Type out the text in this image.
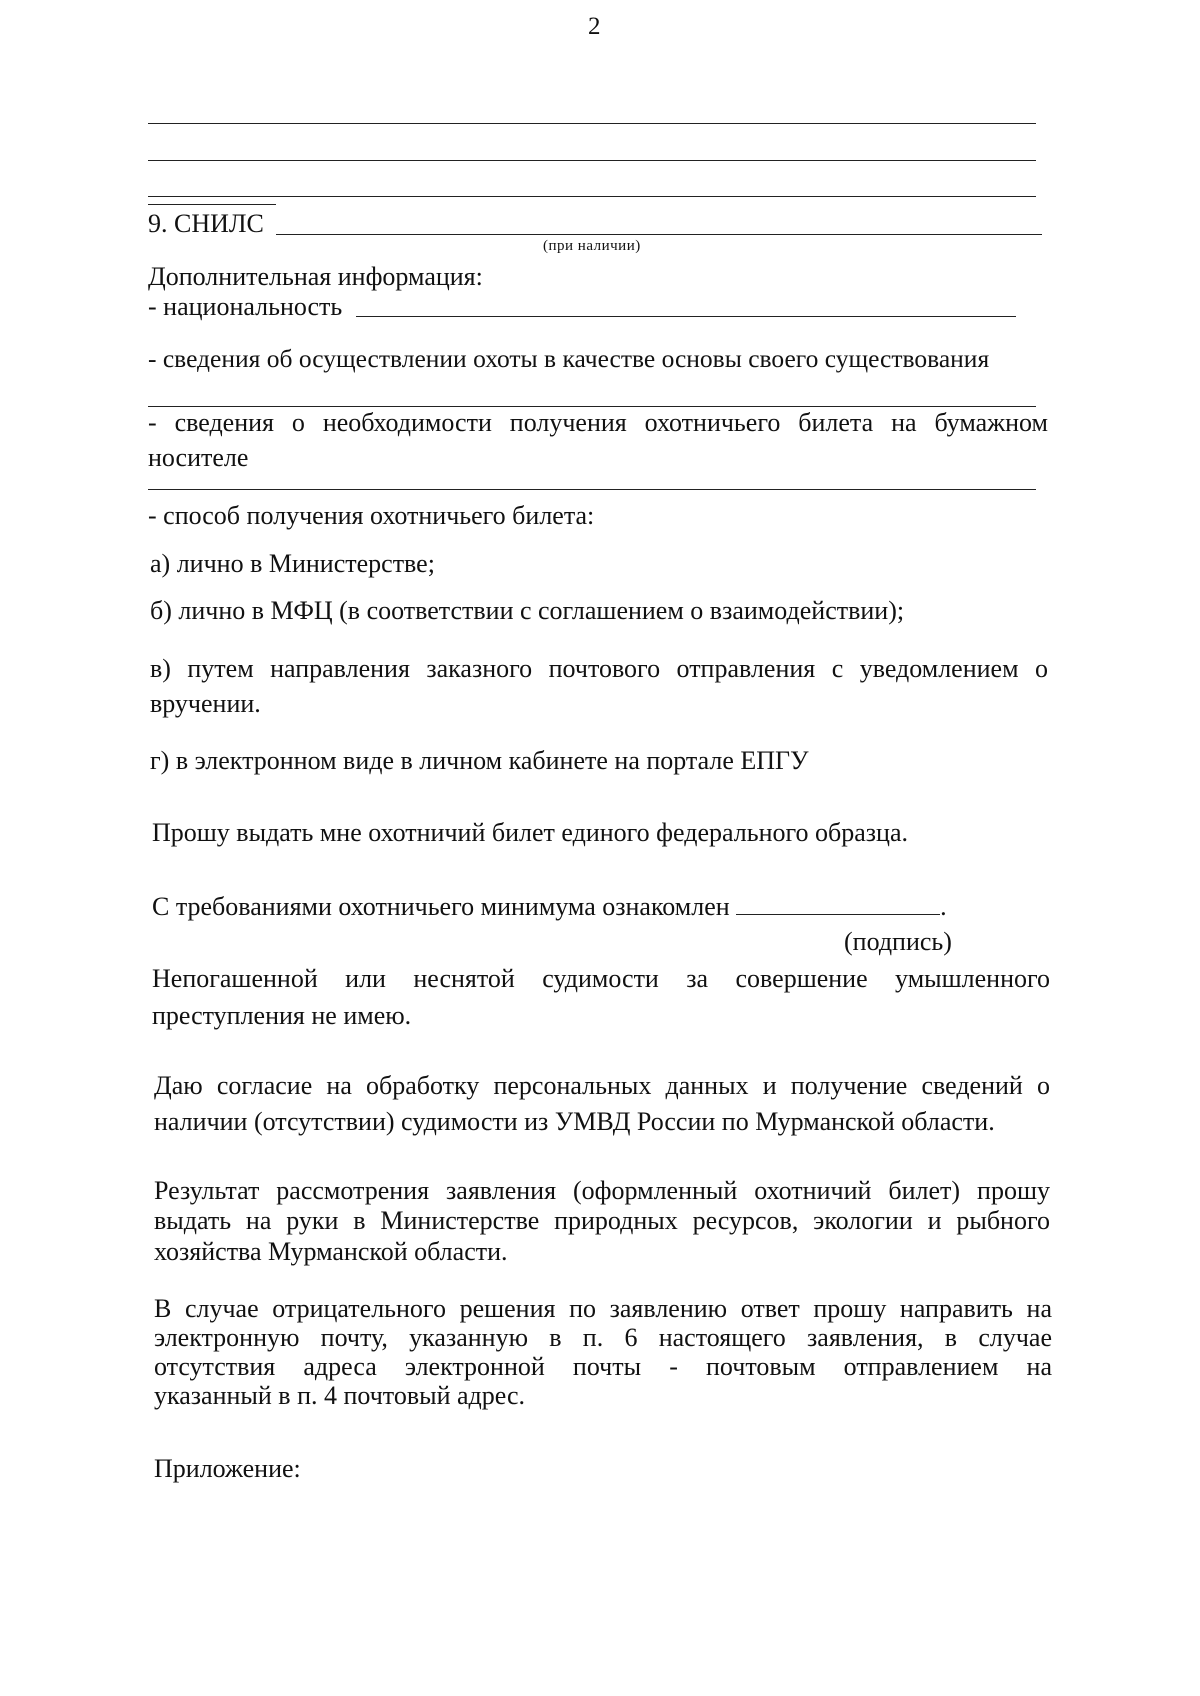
2
9. СНИЛС
(при наличии)
Дополнительная информация:
- национальность
- сведения об осуществлении охоты в качестве основы своего существования
- сведения о необходимости получения охотничьего билета на бумажном
носителе
- способ получения охотничьего билета:
а) лично в Министерстве;
б) лично в МФЦ (в соответствии с соглашением о взаимодействии);
в) путем направления заказного почтового отправления с уведомлением о
вручении.
г) в электронном виде в личном кабинете на портале ЕПГУ
Прошу выдать мне охотничий билет единого федерального образца.
С требованиями охотничьего минимума ознакомлен	.
(подпись)
Непогашенной или неснятой судимости за совершение умышленного
преступления не имею.
Даю согласие на обработку персональных данных и получение сведений о
наличии (отсутствии) судимости из УМВД России по Мурманской области.
Результат рассмотрения заявления (оформленный охотничий билет) прошу
выдать на руки в Министерстве природных ресурсов, экологии и рыбного
хозяйства Мурманской области.
В случае отрицательного решения по заявлению ответ прошу направить на
электронную почту, указанную в п. 6 настоящего заявления, в случае
отсутствия адреса электронной почты - почтовым отправлением на
указанный в п. 4 почтовый адрес.
Приложение:
